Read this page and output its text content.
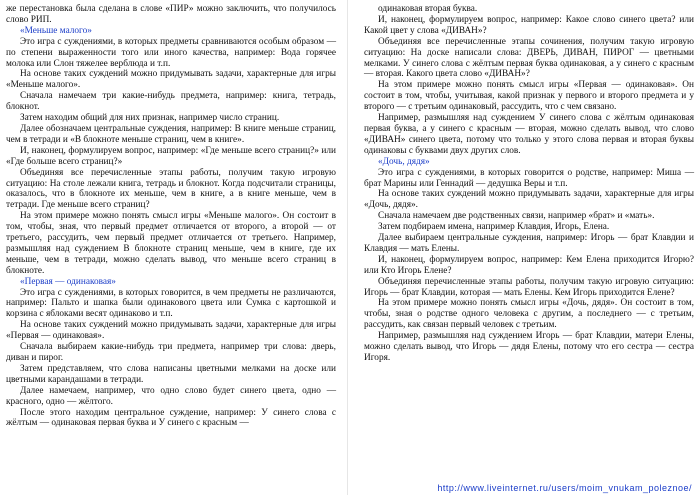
же перестановка была сделана в слове «ПИР» можно заключить, что получилось слово РИП.

«Меньше малого»

Это игра с суждениями, в которых предметы сравниваются особым образом — по степени выраженности того или иного качества, например: Вода горячее молока или Слон тяжелее верблюда и т.п.

На основе таких суждений можно придумывать задачи, характерные для игры «Меньше малого».

Сначала намечаем три какие-нибудь предмета, например: книга, тетрадь, блокнот.

Затем находим общий для них признак, например число страниц.

Далее обозначаем центральные суждения, например: В книге меньше страниц, чем в тетради и «В блокноте меньше страниц, чем в книге».

И, наконец, формулируем вопрос, например: «Где меньше всего страниц?» или «Где больше всего страниц?»

Объединяя все перечисленные этапы работы, получим такую игровую ситуацию: На столе лежали книга, тетрадь и блокнот. Когда подсчитали страницы, оказалось, что в блокноте их меньше, чем в книге, а в книге меньше, чем в тетради. Где меньше всего страниц?

На этом примере можно понять смысл игры «Меньше малого». Он состоит в том, чтобы, зная, что первый предмет отличается от второго, а второй — от третьего, рассудить, чем первый предмет отличается от третьего. Например, размышляя над суждением В блокноте страниц меньше, чем в книге, где их меньше, чем в тетради, можно сделать вывод, что меньше всего страниц в блокноте.

«Первая — одинаковая»

Это игра с суждениями, в которых говорится, в чем предметы не различаются, например: Пальто и шапка были одинакового цвета или Сумка с картошкой и корзина с яблоками весят одинаково и т.п.

На основе таких суждений можно придумывать задачи, характерные для игры «Первая — одинаковая».

Сначала выбираем какие-нибудь три предмета, например три слова: дверь, диван и пирог.

Затем представляем, что слова написаны цветными мелками на доске или цветными карандашами в тетради.

Далее намечаем, например, что одно слово будет синего цвета, одно — красного, одно — жёлтого.

После этого находим центральное суждение, например: У синего слова с жёлтым — одинаковая первая буква и У синего с красным —

одинаковая вторая буква.

И, наконец, формулируем вопрос, например: Какое слово синего цвета? или Какой цвет у слова «ДИВАН»?

Объединяя все перечисленные этапы сочинения, получим такую игровую ситуацию: На доске написали слова: ДВЕРЬ, ДИВАН, ПИРОГ — цветными мелками. У синего слова с жёлтым первая буква одинаковая, а у синего с красным — вторая. Какого цвета слово «ДИВАН»?

На этом примере можно понять смысл игры «Первая — одинаковая». Он состоит в том, чтобы, учитывая, какой признак у первого и второго предмета и у второго — с третьим одинаковый, рассудить, что с чем связано.

Например, размышляя над суждением У синего слова с жёлтым одинаковая первая буква, а у синего с красным — вторая, можно сделать вывод, что слово «ДИВАН» синего цвета, потому что только у этого слова первая и вторая буквы одинаковы с буквами двух других слов.

«Дочь, дядя»

Это игра с суждениями, в которых говорится о родстве, например: Миша — брат Марины или Геннадий — дедушка Веры и т.п.

На основе таких суждений можно придумывать задачи, характерные для игры «Дочь, дядя».

Сначала намечаем две родственных связи, например «брат» и «мать».

Затем подбираем имена, например Клавдия, Игорь, Елена.

Далее выбираем центральные суждения, например: Игорь — брат Клавдии и Клавдия — мать Елены.

И, наконец, формулируем вопрос, например: Кем Елена приходится Игорю? или Кто Игорь Елене?

Объединяя перечисленные этапы работы, получим такую игровую ситуацию: Игорь — брат Клавдии, которая — мать Елены. Кем Игорь приходится Елене?

На этом примере можно понять смысл игры «Дочь, дядя». Он состоит в том, чтобы, зная о родстве одного человека с другим, а последнего — с третьим, рассудить, как связан первый человек с третьим.

Например, размышляя над суждением Игорь — брат Клавдии, матери Елены, можно сделать вывод, что Игорь — дядя Елены, потому что его сестра — сестра Игоря.

http://www.liveinternet.ru/users/moim_vnukam_poleznoe/
